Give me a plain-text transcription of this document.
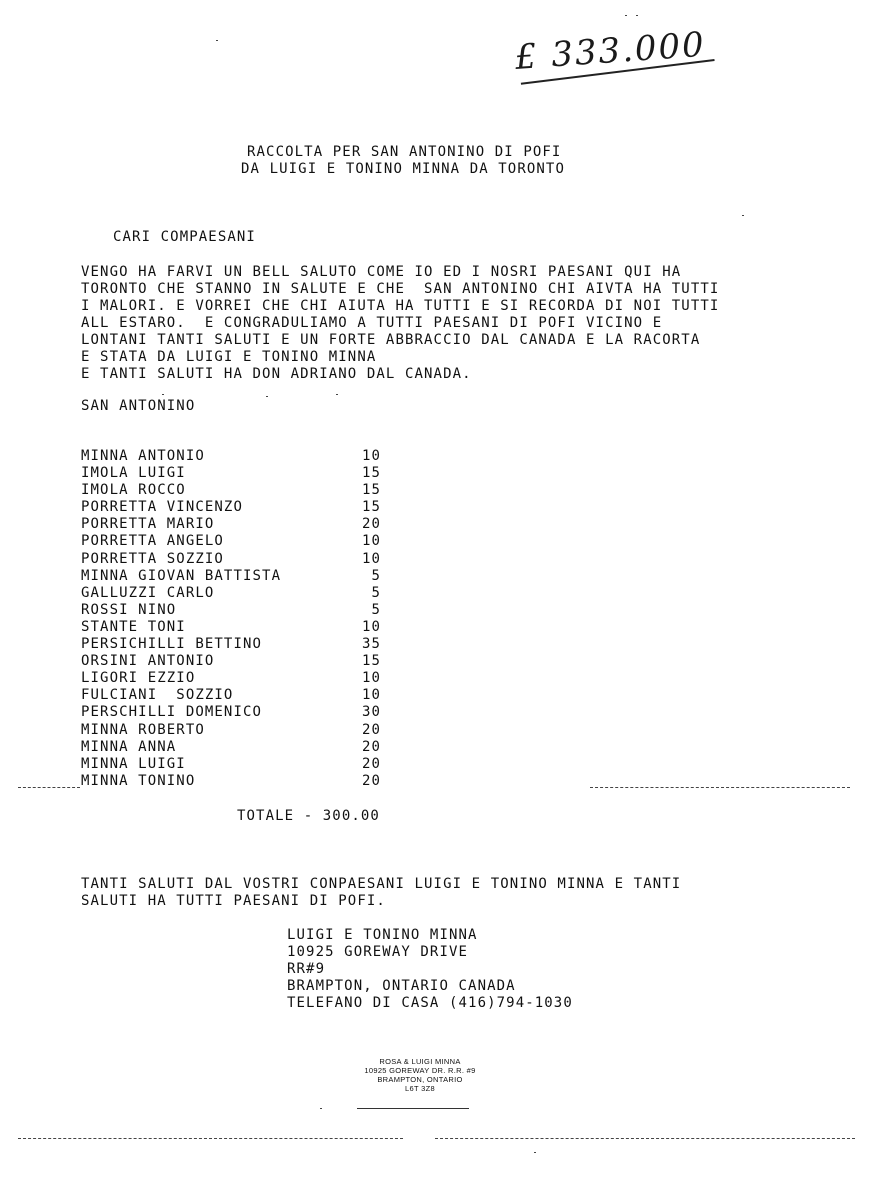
£ 333.000
RACCOLTA PER SAN ANTONINO DI POFI
DA LUIGI E TONINO MINNA DA TORONTO
CARI COMPAESANI
VENGO HA FARVI UN BELL SALUTO COME IO ED I NOSRI PAESANI QUI HA
TORONTO CHE STANNO IN SALUTE E CHE  SAN ANTONINO CHI AIVTA HA TUTTI
I MALORI. E VORREI CHE CHI AIUTA HA TUTTI E SI RECORDA DI NOI TUTTI
ALL ESTARO.  E CONGRADULIAMO A TUTTI PAESANI DI POFI VICINO E
LONTANI TANTI SALUTI E UN FORTE ABBRACCIO DAL CANADA E LA RACORTA
E STATA DA LUIGI E TONINO MINNA
E TANTI SALUTI HA DON ADRIANO DAL CANADA.
SAN ANTONINO
MINNA ANTONIO	10
IMOLA LUIGI	15
IMOLA ROCCO	15
PORRETTA VINCENZO	15
PORRETTA MARIO	20
PORRETTA ANGELO	10
PORRETTA SOZZIO	10
MINNA GIOVAN BATTISTA	5
GALLUZZI CARLO	5
ROSSI NINO	5
STANTE TONI	10
PERSICHILLI BETTINO	35
ORSINI ANTONIO	15
LIGORI EZZIO	10
FULCIANI  SOZZIO	10
PERSCHILLI DOMENICO	30
MINNA ROBERTO	20
MINNA ANNA	20
MINNA LUIGI	20
MINNA TONINO	20
TOTALE - 300.00
TANTI SALUTI DAL VOSTRI CONPAESANI LUIGI E TONINO MINNA E TANTI
SALUTI HA TUTTI PAESANI DI POFI.
LUIGI E TONINO MINNA
10925 GOREWAY DRIVE
RR#9
BRAMPTON, ONTARIO CANADA
TELEFANO DI CASA (416)794-1030
ROSA & LUIGI MINNA
10925 GOREWAY DR. R.R. #9
BRAMPTON, ONTARIO
L6T 3Z8
